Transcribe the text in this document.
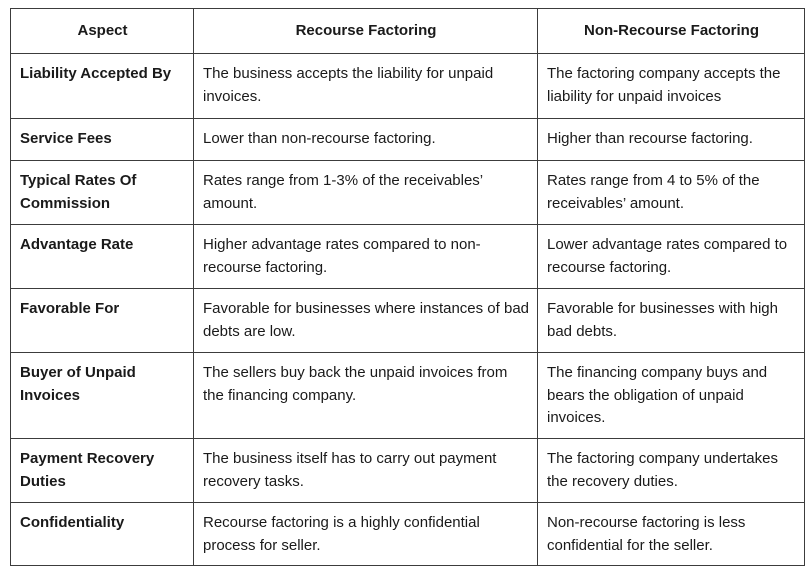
Aspect	Recourse Factoring	Non-Recourse Factoring
Liability Accepted By	The business accepts the liability for unpaid invoices.	The factoring company accepts the liability for unpaid invoices
Service Fees	Lower than non-recourse factoring.	Higher than recourse factoring.
Typical Rates Of Commission	Rates range from 1-3% of the receivables’ amount.	Rates range from 4 to 5% of the receivables’ amount.
Advantage Rate	Higher advantage rates compared to non-recourse factoring.	Lower advantage rates compared to recourse factoring.
Favorable For	Favorable for businesses where instances of bad debts are low.	Favorable for businesses with high bad debts.
Buyer of Unpaid Invoices	The sellers buy back the unpaid invoices from the financing company.	The financing company buys and bears the obligation of unpaid invoices.
Payment Recovery Duties	The business itself has to carry out payment recovery tasks.	The factoring company undertakes the recovery duties.
Confidentiality	Recourse factoring is a highly confidential process for seller.	Non-recourse factoring is less confidential for the seller.
